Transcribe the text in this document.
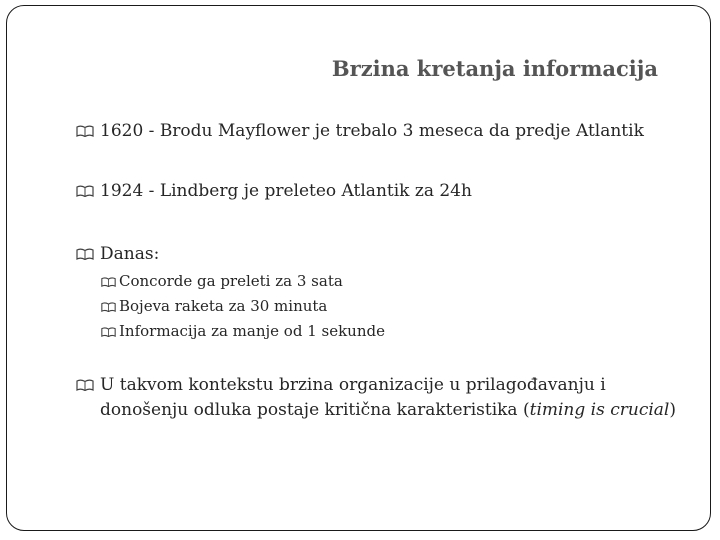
Brzina kretanja informacija
1620 - Brodu Mayflower je trebalo 3 meseca da predje Atlantik
1924 - Lindberg je preleteo Atlantik za 24h
Danas:
Concorde ga preleti za 3 sata
Bojeva raketa za 30 minuta
Informacija za manje od 1 sekunde
U takvom kontekstu brzina organizacije u prilagođavanju i
donošenju odluka postaje kritična karakteristika (timing is crucial)
